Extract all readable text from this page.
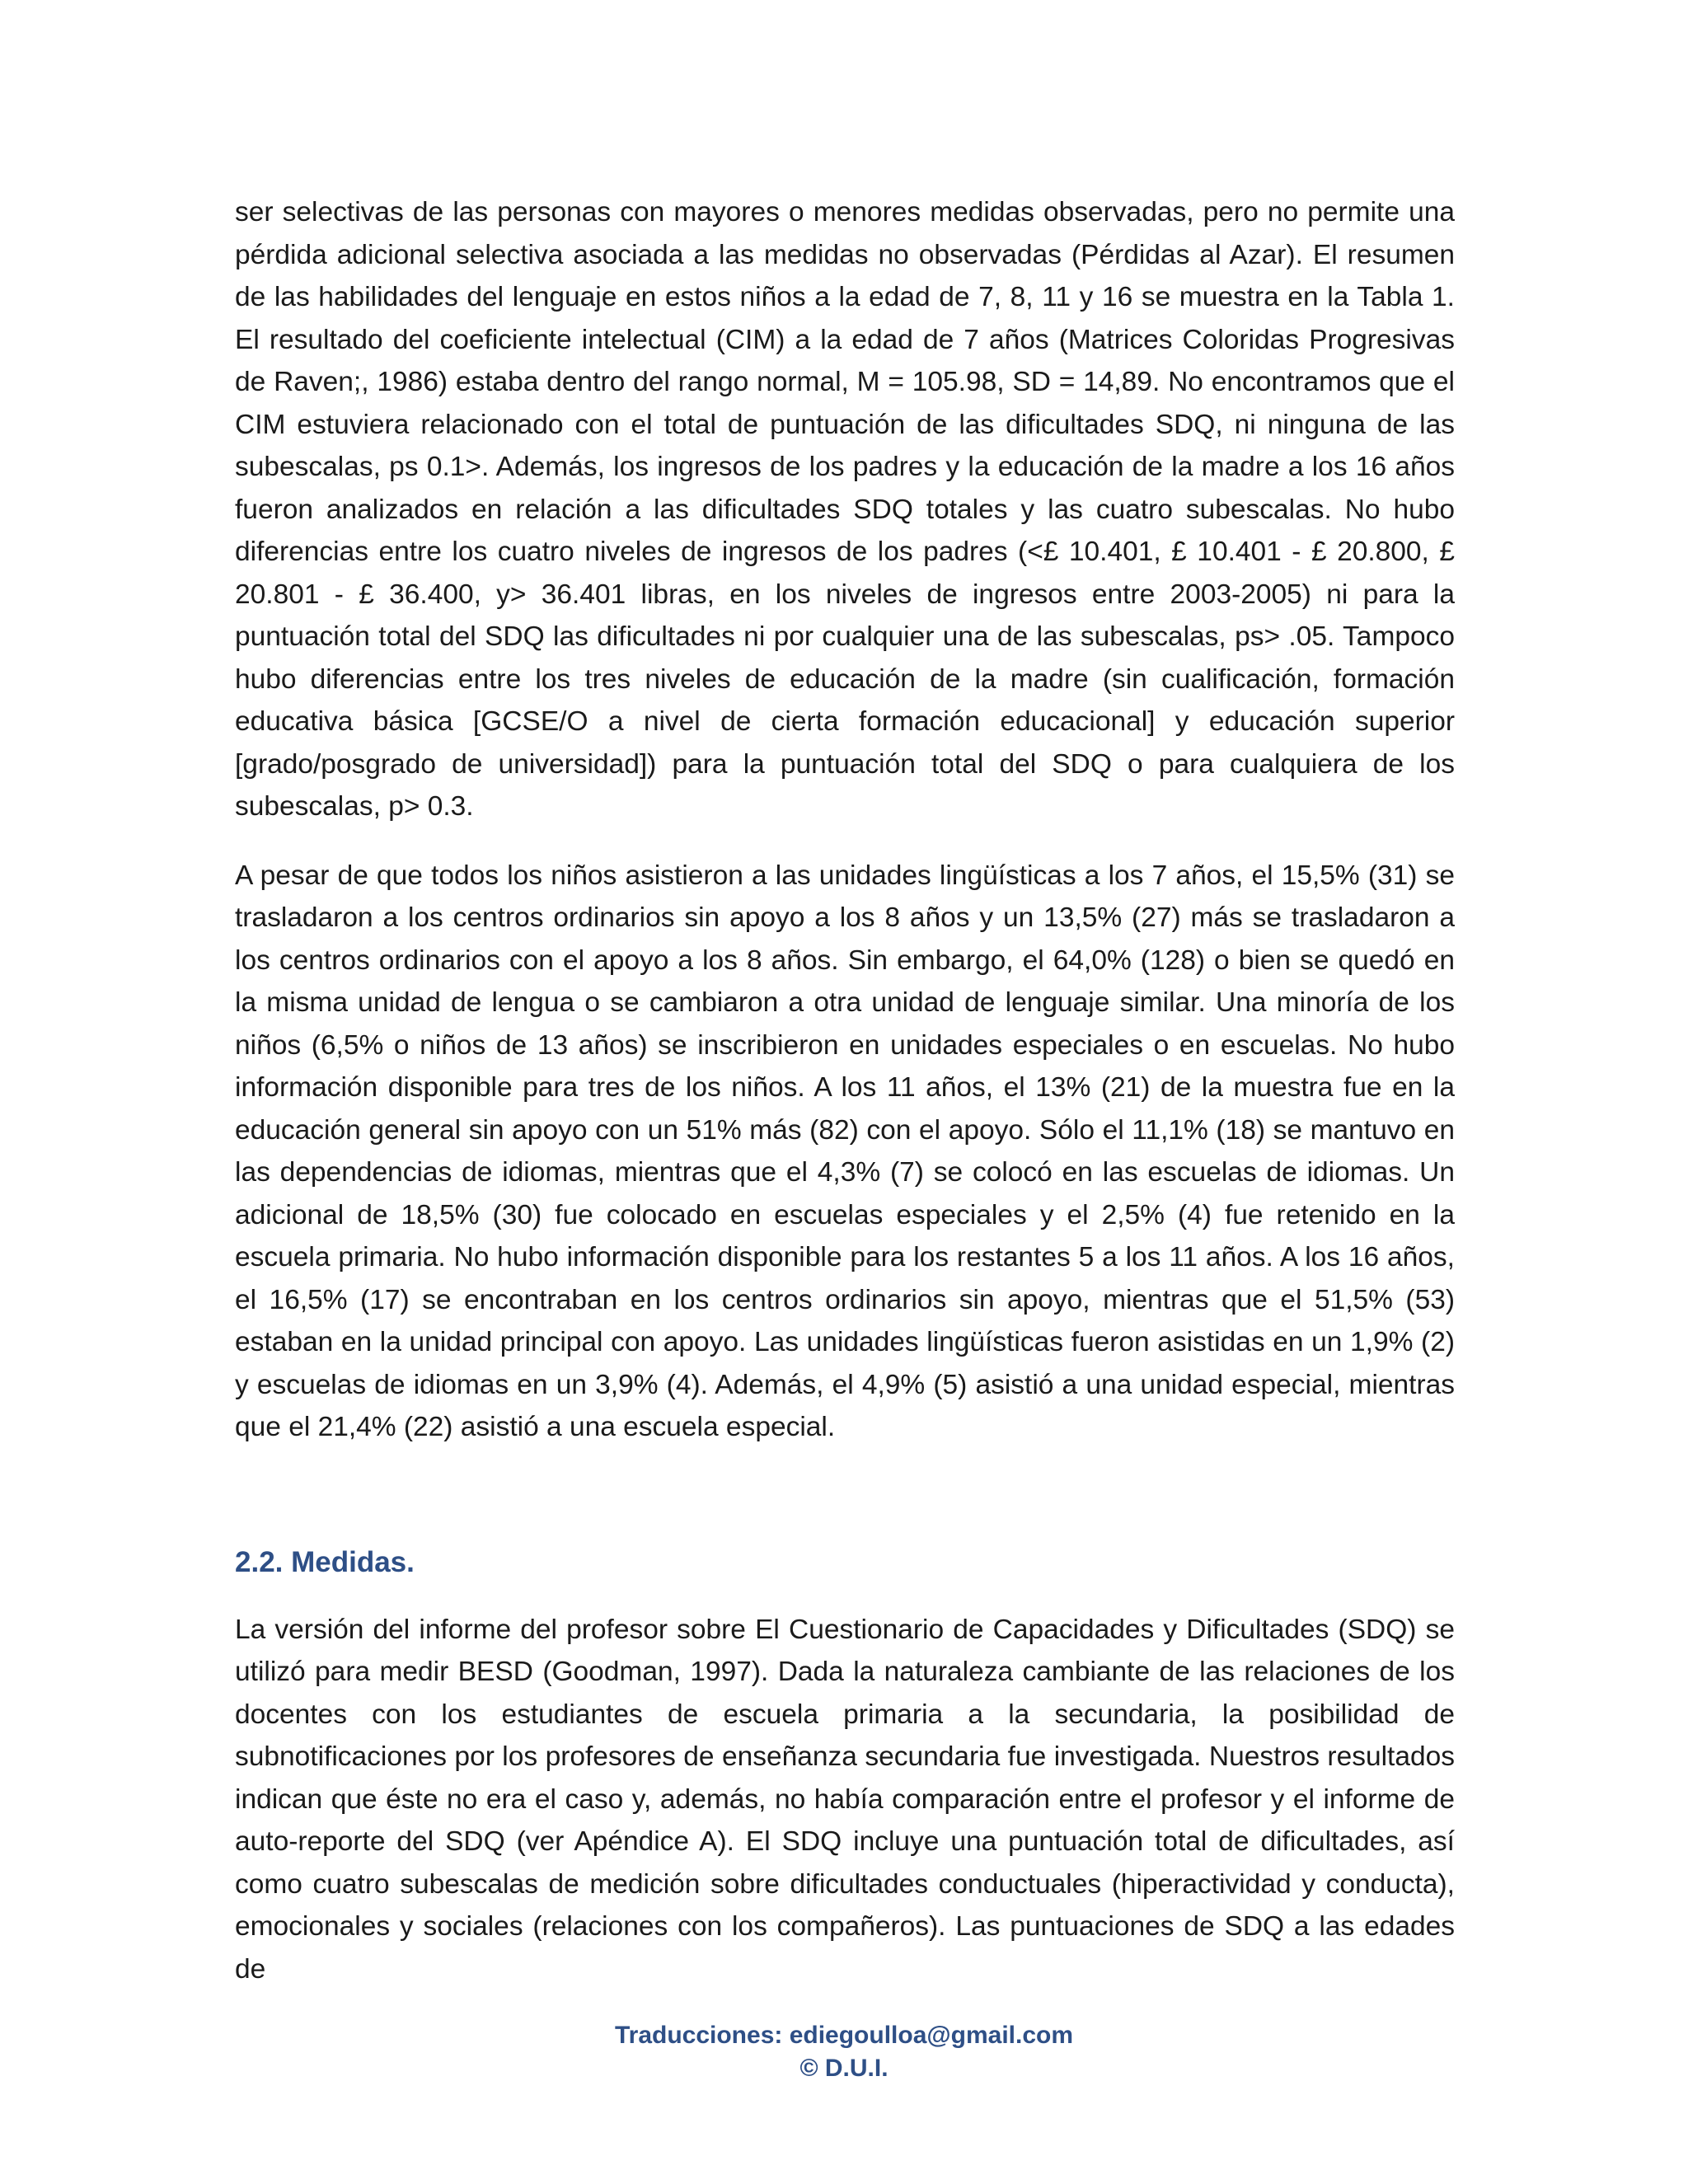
ser selectivas de las personas con mayores o menores medidas observadas, pero no permite una pérdida adicional selectiva asociada a las medidas no observadas (Pérdidas al Azar). El resumen de las habilidades del lenguaje en estos niños a la edad de 7, 8, 11 y 16 se muestra en la Tabla 1. El resultado del coeficiente intelectual (CIM) a la edad de 7 años (Matrices Coloridas Progresivas de Raven;, 1986) estaba dentro del rango normal, M = 105.98, SD = 14,89. No encontramos que el CIM estuviera relacionado con el total de puntuación de las dificultades SDQ, ni ninguna de las subescalas, ps 0.1>. Además, los ingresos de los padres y la educación de la madre a los 16 años fueron analizados en relación a las dificultades SDQ totales y las cuatro subescalas. No hubo diferencias entre los cuatro niveles de ingresos de los padres (<£ 10.401, £ 10.401 - £ 20.800, £ 20.801 - £ 36.400, y> 36.401 libras, en los niveles de ingresos entre 2003-2005) ni para la puntuación total del SDQ las dificultades ni por cualquier una de las subescalas, ps> .05. Tampoco hubo diferencias entre los tres niveles de educación de la madre (sin cualificación, formación educativa básica [GCSE/O a nivel de cierta formación educacional] y educación superior [grado/posgrado de universidad]) para la puntuación total del SDQ o para cualquiera de los subescalas, p> 0.3.

A pesar de que todos los niños asistieron a las unidades lingüísticas a los 7 años, el 15,5% (31) se trasladaron a los centros ordinarios sin apoyo a los 8 años y un 13,5% (27) más se trasladaron a los centros ordinarios con el apoyo a los 8 años. Sin embargo, el 64,0% (128) o bien se quedó en la misma unidad de lengua o se cambiaron a otra unidad de lenguaje similar. Una minoría de los niños (6,5% o niños de 13 años) se inscribieron en unidades especiales o en escuelas. No hubo información disponible para tres de los niños. A los 11 años, el 13% (21) de la muestra fue en la educación general sin apoyo con un 51% más (82) con el apoyo. Sólo el 11,1% (18) se mantuvo en las dependencias de idiomas, mientras que el 4,3% (7) se colocó en las escuelas de idiomas. Un adicional de 18,5% (30) fue colocado en escuelas especiales y el 2,5% (4) fue retenido en la escuela primaria. No hubo información disponible para los restantes 5 a los 11 años. A los 16 años, el 16,5% (17) se encontraban en los centros ordinarios sin apoyo, mientras que el 51,5% (53) estaban en la unidad principal con apoyo. Las unidades lingüísticas fueron asistidas en un 1,9% (2) y escuelas de idiomas en un 3,9% (4). Además, el 4,9% (5) asistió a una unidad especial, mientras que el 21,4% (22) asistió a una escuela especial.

2.2. Medidas.

La versión del informe del profesor sobre El Cuestionario de Capacidades y Dificultades (SDQ) se utilizó para medir BESD (Goodman, 1997). Dada la naturaleza cambiante de las relaciones de los docentes con los estudiantes de escuela primaria a la secundaria, la posibilidad de subnotificaciones por los profesores de enseñanza secundaria fue investigada. Nuestros resultados indican que éste no era el caso y, además, no había comparación entre el profesor y el informe de auto-reporte del SDQ (ver Apéndice A). El SDQ incluye una puntuación total de dificultades, así como cuatro subescalas de medición sobre dificultades conductuales (hiperactividad y conducta), emocionales y sociales (relaciones con los compañeros). Las puntuaciones de SDQ a las edades de

Traducciones: ediegoulloa@gmail.com
© D.U.I.
